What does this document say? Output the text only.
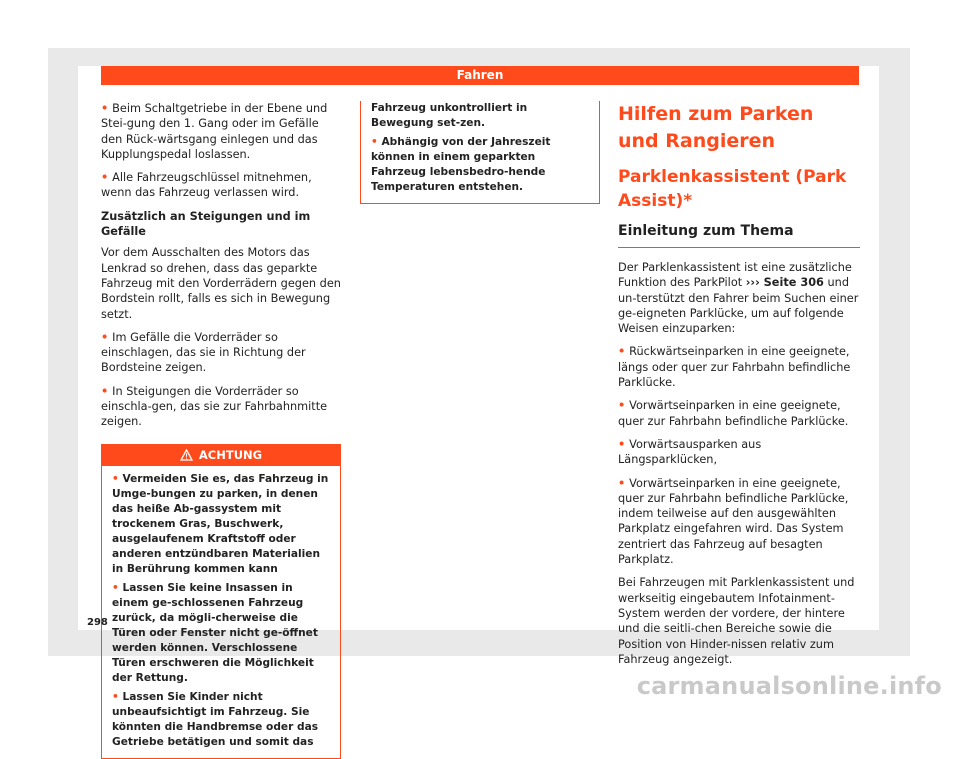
Fahren

• Beim Schaltgetriebe in der Ebene und Stei-gung den 1. Gang oder im Gefälle den Rück-wärtsgang einlegen und das Kupplungspedal loslassen.

• Alle Fahrzeugschlüssel mitnehmen, wenn das Fahrzeug verlassen wird.

Zusätzlich an Steigungen und im Gefälle

Vor dem Ausschalten des Motors das Lenkrad so drehen, dass das geparkte Fahrzeug mit den Vorderrädern gegen den Bordstein rollt, falls es sich in Bewegung setzt.

• Im Gefälle die Vorderräder so einschlagen, das sie in Richtung der Bordsteine zeigen.

• In Steigungen die Vorderräder so einschla-gen, das sie zur Fahrbahnmitte zeigen.

ACHTUNG

• Vermeiden Sie es, das Fahrzeug in Umge-bungen zu parken, in denen das heiße Ab-gassystem mit trockenem Gras, Buschwerk, ausgelaufenem Kraftstoff oder anderen entzündbaren Materialien in Berührung kommen kann

• Lassen Sie keine Insassen in einem ge-schlossenen Fahrzeug zurück, da mögli-cherweise die Türen oder Fenster nicht ge-öffnet werden können. Verschlossene Türen erschweren die Möglichkeit der Rettung.

• Lassen Sie Kinder nicht unbeaufsichtigt im Fahrzeug. Sie könnten die Handbremse oder das Getriebe betätigen und somit das

Fahrzeug unkontrolliert in Bewegung set-zen.

• Abhängig von der Jahreszeit können in einem geparkten Fahrzeug lebensbedro-hende Temperaturen entstehen.

Hilfen zum Parken und Rangieren
Parklenkassistent (Park Assist)*
Einleitung zum Thema

Der Parklenkassistent ist eine zusätzliche Funktion des ParkPilot ››› Seite 306 und un-terstützt den Fahrer beim Suchen einer ge-eigneten Parklücke, um auf folgende Weisen einzuparken:

• Rückwärtseinparken in eine geeignete, längs oder quer zur Fahrbahn befindliche Parklücke.

• Vorwärtseinparken in eine geeignete, quer zur Fahrbahn befindliche Parklücke.

• Vorwärtsausparken aus Längsparklücken,

• Vorwärtseinparken in eine geeignete, quer zur Fahrbahn befindliche Parklücke, indem teilweise auf den ausgewählten Parkplatz eingefahren wird. Das System zentriert das Fahrzeug auf besagten Parkplatz.

Bei Fahrzeugen mit Parklenkassistent und werkseitig eingebautem Infotainment-System werden der vordere, der hintere und die seitli-chen Bereiche sowie die Position von Hinder-nissen relativ zum Fahrzeug angezeigt.

298
carmanualsonline.info
